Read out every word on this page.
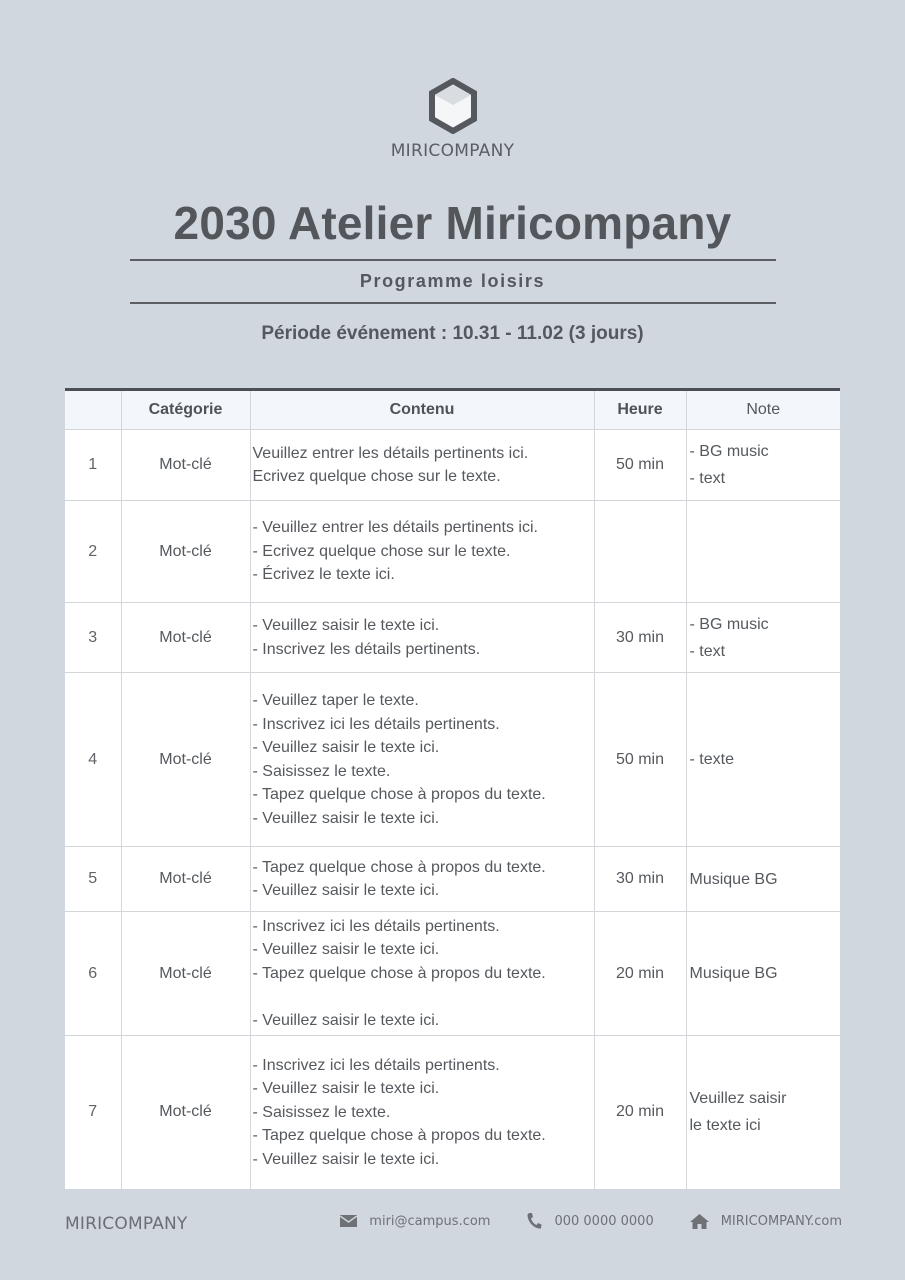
MIRICOMPANY
2030 Atelier Miricompany
Programme loisirs
Période événement : 10.31 - 11.02 (3 jours)
	Catégorie	Contenu	Heure	Note
1	Mot-clé	Veuillez entrer les détails pertinents ici.
Ecrivez quelque chose sur le texte.	50 min	- BG music
- text

2	Mot-clé	- Veuillez entrer les détails pertinents ici.
- Ecrivez quelque chose sur le texte.
- Écrivez le texte ici.		

3	Mot-clé	- Veuillez saisir le texte ici.
- Inscrivez les détails pertinents.	30 min	- BG music
- text

4	Mot-clé	
- Veuillez taper le texte.
- Inscrivez ici les détails pertinents.
- Veuillez saisir le texte ici.
- Saisissez le texte.
- Tapez quelque chose à propos du texte.
- Veuillez saisir le texte ici.
	50 min	- texte

5	Mot-clé	- Tapez quelque chose à propos du texte.
- Veuillez saisir le texte ici.	30 min	Musique BG

6	Mot-clé	- Inscrivez ici les détails pertinents.
- Veuillez saisir le texte ici.
- Tapez quelque chose à propos du texte.
- Veuillez saisir le texte ici.	20 min	Musique BG

7	Mot-clé	- Inscrivez ici les détails pertinents.
- Veuillez saisir le texte ici.
- Saisissez le texte.
- Tapez quelque chose à propos du texte.
- Veuillez saisir le texte ici.	20 min	Veuillez saisir
le texte ici
MIRICOMPANY	miri@campus.com	000 0000 0000	MIRICOMPANY.com
